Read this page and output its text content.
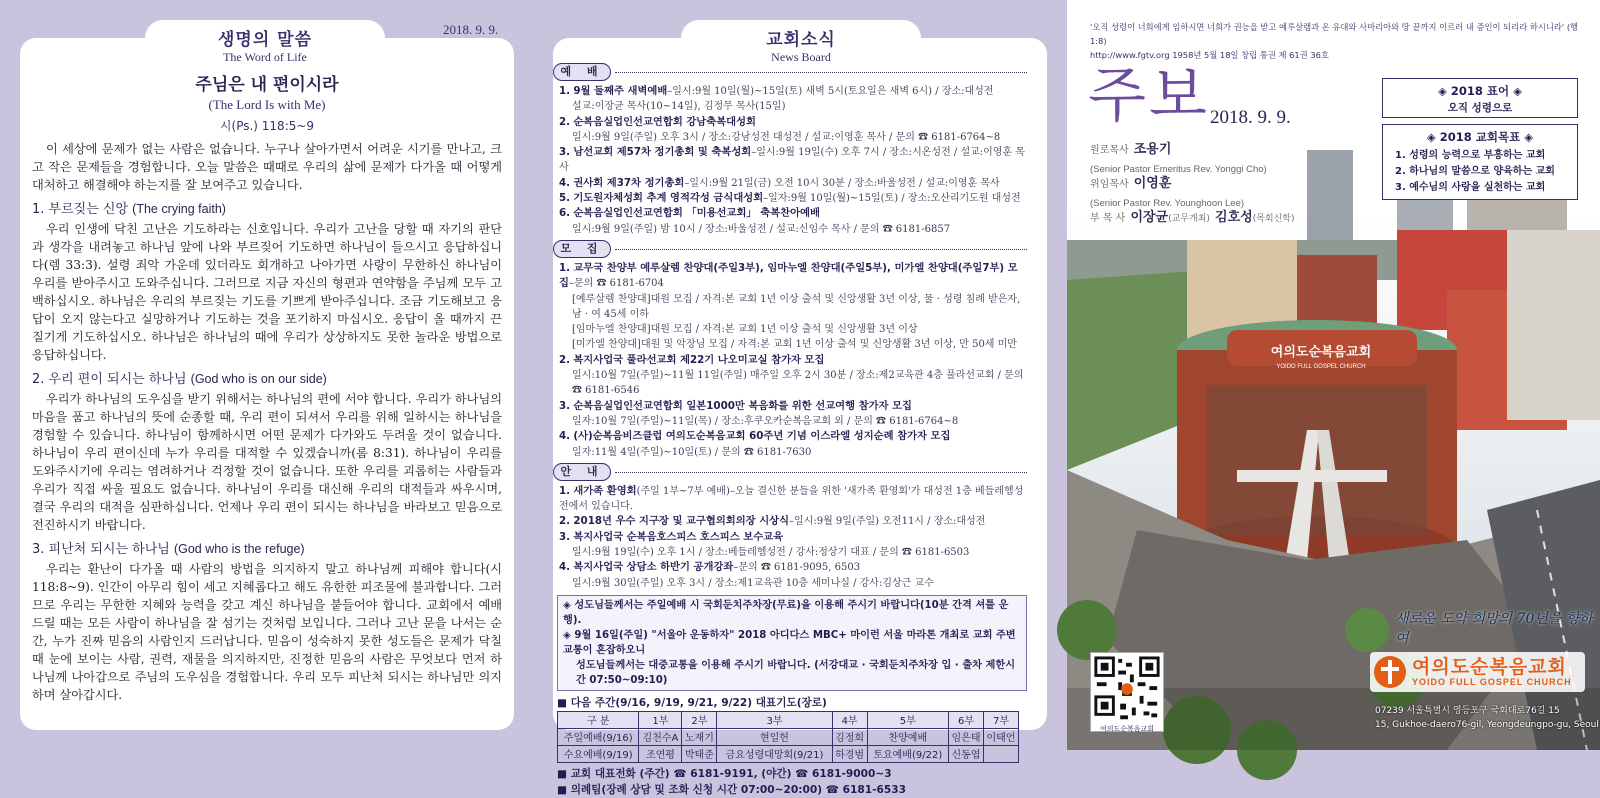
생명의 말씀
The Word of Life
2018. 9. 9.
주님은 내 편이시라
(The Lord Is with Me)
시(Ps.) 118:5~9

이 세상에 문제가 없는 사람은 없습니다. 누구나 살아가면서 어려운 시기를 만나고, 크고 작은 문제들을 경험합니다. 오늘 말씀은 때때로 우리의 삶에 문제가 다가올 때 어떻게 대처하고 해결해야 하는지를 잘 보여주고 있습니다.

1. 부르짖는 신앙 (The crying faith)

우리 인생에 닥친 고난은 기도하라는 신호입니다. 우리가 고난을 당할 때 자기의 판단과 생각을 내려놓고 하나님 앞에 나와 부르짖어 기도하면 하나님이 들으시고 응답하십니다(렘 33:3). 설령 죄악 가운데 있더라도 회개하고 나아가면 사랑이 무한하신 하나님이 우리를 받아주시고 도와주십니다. 그러므로 지금 자신의 형편과 연약함을 주님께 모두 고백하십시오. 하나님은 우리의 부르짖는 기도를 기쁘게 받아주십니다. 조금 기도해보고 응답이 오지 않는다고 실망하거나 기도하는 것을 포기하지 마십시오. 응답이 올 때까지 끈질기게 기도하십시오. 하나님은 하나님의 때에 우리가 상상하지도 못한 놀라운 방법으로 응답하십니다.

2. 우리 편이 되시는 하나님 (God who is on our side)

우리가 하나님의 도우심을 받기 위해서는 하나님의 편에 서야 합니다. 우리가 하나님의 마음을 품고 하나님의 뜻에 순종할 때, 우리 편이 되셔서 우리를 위해 일하시는 하나님을 경험할 수 있습니다. 하나님이 함께하시면 어떤 문제가 다가와도 두려울 것이 없습니다. 하나님이 우리 편이신데 누가 우리를 대적할 수 있겠습니까(롬 8:31). 하나님이 우리를 도와주시기에 우리는 염려하거나 걱정할 것이 없습니다. 또한 우리를 괴롭히는 사람들과 우리가 직접 싸울 필요도 없습니다. 하나님이 우리를 대신해 우리의 대적들과 싸우시며, 결국 우리의 대적을 심판하십니다. 언제나 우리 편이 되시는 하나님을 바라보고 믿음으로 전진하시기 바랍니다.

3. 피난처 되시는 하나님 (God who is the refuge)

우리는 환난이 다가올 때 사람의 방법을 의지하지 말고 하나님께 피해야 합니다(시 118:8~9). 인간이 아무리 힘이 세고 지혜롭다고 해도 유한한 피조물에 불과합니다. 그러므로 우리는 무한한 지혜와 능력을 갖고 계신 하나님을 붙들어야 합니다. 교회에서 예배드릴 때는 모든 사람이 하나님을 잘 섬기는 것처럼 보입니다. 그러나 고난 문을 나서는 순간, 누가 진짜 믿음의 사람인지 드러납니다. 믿음이 성숙하지 못한 성도들은 문제가 닥칠 때 눈에 보이는 사람, 권력, 재물을 의지하지만, 진정한 믿음의 사람은 무엇보다 먼저 하나님께 나아갑으로 주님의 도우심을 경험합니다. 우리 모두 피난처 되시는 하나님만 의지하며 살아갑시다.

교회소식
News Board
예 배
1. 9월 둘째주 새벽예배–일시:9월 10일(월)~15일(토) 새벽 5시(토요일은 새벽 6시) / 장소:대성전
설교:이장균 목사(10~14일), 김정무 목사(15일)
2. 순복음실업인선교연합회 강남축복대성회
일시:9월 9일(주일) 오후 3시 / 장소:강남성전 대성전 / 설교:이영훈 목사 / 문의 ☎ 6181-6764~8
3. 남선교회 제57차 정기총회 및 축복성회–일시:9월 19일(수) 오후 7시 / 장소:시온성전 / 설교:이영훈 목사
4. 권사회 제37차 정기총회–일시:9월 21일(금) 오전 10시 30분 / 장소:바울성전 / 설교:이영훈 목사
5. 기도원자체성회 추계 영적각성 금식대성회–일자:9월 10일(월)~15일(토) / 장소:오산리기도원 대성전
6. 순복음실업인선교연합회 「미용선교회」 축복찬아예배
일시:9월 9일(주일) 밤 10시 / 장소:바울성전 / 설교:신임수 목사 / 문의 ☎ 6181-6857
모 집
1. 교무국 찬양부 예루살렘 찬양대(주일3부), 임마누엘 찬양대(주일5부), 미가엘 찬양대(주일7부) 모집–문의 ☎ 6181-6704
[예루살렘 찬양대]대원 모집 / 자격:본 교회 1년 이상 출석 및 신앙생활 3년 이상, 물 · 성령 침례 받은자, 남 · 여 45세 이하
[임마누엘 찬양대]대원 모집 / 자격:본 교회 1년 이상 출석 및 신앙생활 3년 이상
[미가엘 찬양대]대원 및 악장님 모집 / 자격:본 교회 1년 이상 출석 및 신앙생활 3년 이상, 만 50세 미만
2. 복지사업국 풀라선교회 제22기 나오미교실 참가자 모집
일시:10월 7일(주일)~11월 11일(주일) 매주일 오후 2시 30분 / 장소:제2교육관 4층 풀라선교회 / 문의 ☎ 6181-6546
3. 순복음실업인선교연합회 일본1000만 복음화를 위한 선교여행 참가자 모집
일자:10월 7일(주일)~11일(목) / 장소:후쿠오카순복음교회 외 / 문의 ☎ 6181-6764~8
4. (사)순복음비즈클럽 여의도순복음교회 60주년 기념 이스라엘 성지순례 참가자 모집
일자:11월 4일(주일)~10일(토) / 문의 ☎ 6181-7630
안 내
1. 새가족 환영회(주일 1부~7부 예배)–오늘 결신한 분들을 위한 '새가족 환영회'가 대성전 1층 베들레헴성전에서 있습니다.
2. 2018년 우수 지구장 및 교구협의회의장 시상식–일시:9월 9일(주일) 오전11시 / 장소:대성전
3. 복지사업국 순복음호스피스 호스피스 보수교육
일시:9월 19일(수) 오후 1시 / 장소:베들레헴성전 / 강사:정상기 대표 / 문의 ☎ 6181-6503
4. 복지사업국 상담소 하반기 공개강좌–문의 ☎ 6181-9095, 6503
일시:9월 30일(주일) 오후 3시 / 장소:제1교육관 10층 세미나실 / 강사:김상근 교수
◈ 성도님들께서는 주일예배 시 국회둔치주차장(무료)을 이용해 주시기 바랍니다(10분 간격 셔틀 운행).
◈ 9월 16일(주일) "서울아 운동하자" 2018 아디다스 MBC+ 마이런 서울 마라톤 개최로 교회 주변 교통이 혼잡하오니
성도님들께서는 대중교통을 이용해 주시기 바랍니다. (서강대교 · 국회둔치주차장 입 · 출차 제한시간 07:50~09:10)
■ 다음 주간(9/16, 9/19, 9/21, 9/22) 대표기도(장로)
구 분	1부	2부	3부	4부	5부	6부	7부
주일예배(9/16)	김천수A	노재기	현일헌	김정희	찬양예배	임은태	이태언
수요예배(9/19)	조연평	박태준	금요성령대망회(9/21)	하경범	토요예배(9/22)	신동엽	
■ 교회 대표전화 (주간) ☎ 6181-9191, (야간) ☎ 6181-9000~3
■ 의례팀(장례 상담 및 조화 신청 시간 07:00~20:00) ☎ 6181-6533
여의도순복음교회
YOIDO FULL GOSPEL CHURCH
'오직 성령이 너희에게 임하시면 너희가 권능을 받고 예루살렘과 온 유대와 사마리아와 땅 끝까지 이르러 내 증인이 되리라 하시니라' (행 1:8)
http://www.fgtv.org 1958년 5월 18일 창립 통권 제 61권 36호
주보 2018. 9. 9.
원로목사 조용기
(Senior Pastor Emeritus Rev. Yonggi Cho)
위임목사 이영훈
(Senior Pastor Rev. Younghoon Lee)
부 목 사 이장균(교무개최) 김호성(목회신학)
◈ 2018 표어 ◈
오직 성령으로
◈ 2018 교회목표 ◈
1. 성령의 능력으로 부흥하는 교회
2. 하나님의 말씀으로 양육하는 교회
3. 예수님의 사랑을 실천하는 교회
새로운 도약 희망의 70년을 향하여
여의도순복음교회
여의도순복음교회
YOIDO FULL GOSPEL CHURCH
07239 서울특별시 영등포구 국회대로76길 15
15, Gukhoe-daero76-gil, Yeongdeungpo-gu, Seoul
